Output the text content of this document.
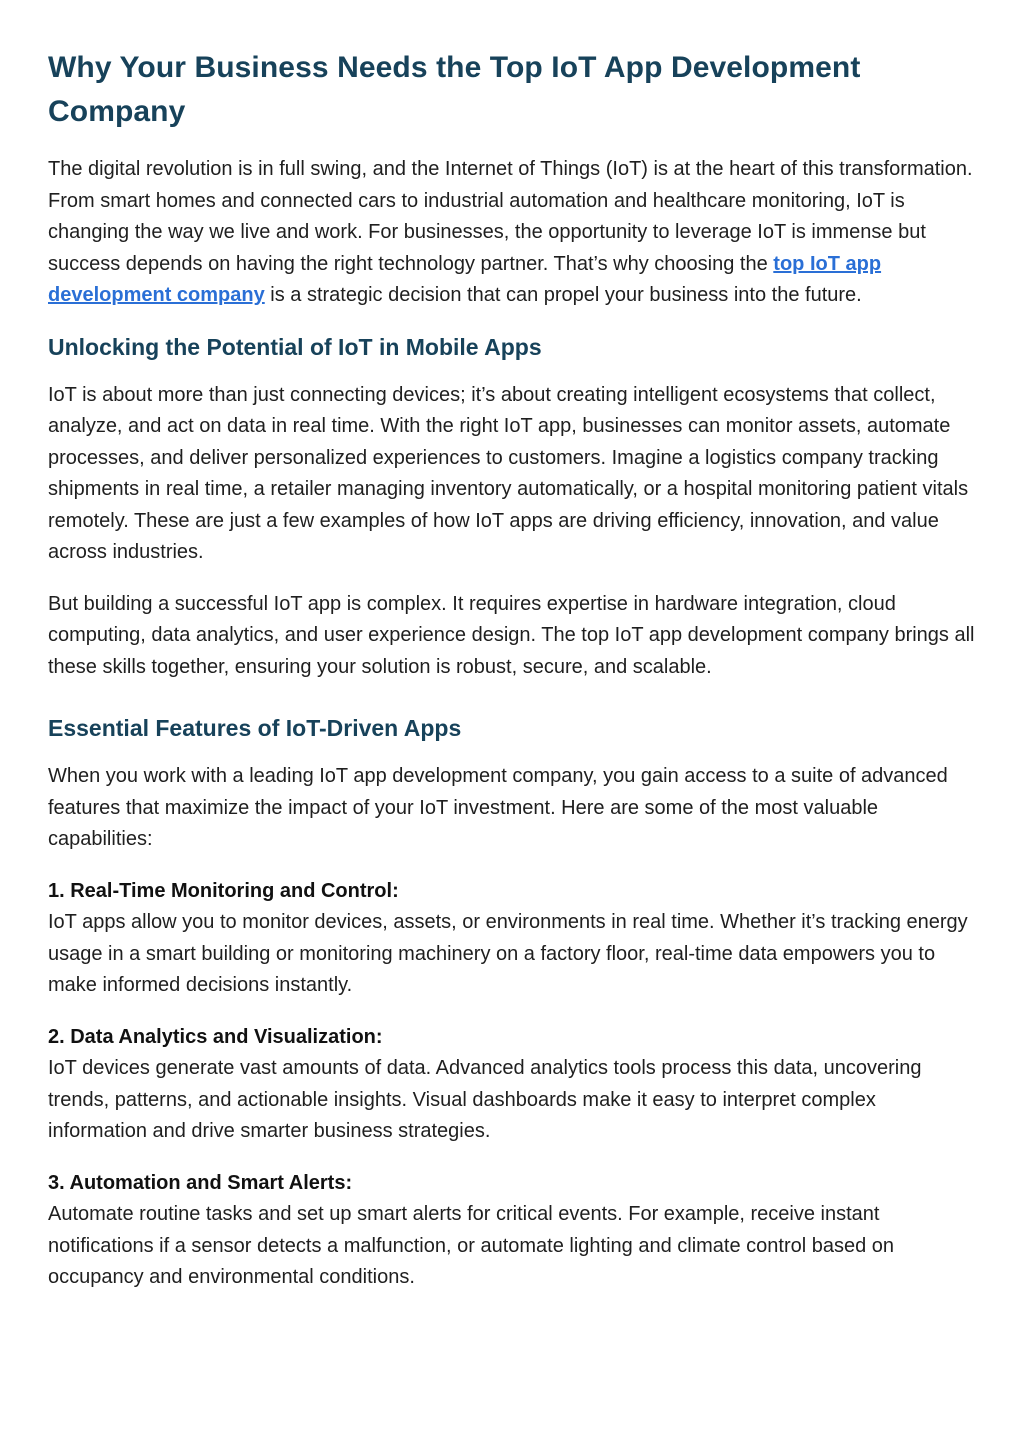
Why Your Business Needs the Top IoT App Development Company

The digital revolution is in full swing, and the Internet of Things (IoT) is at the heart of this transformation. From smart homes and connected cars to industrial automation and healthcare monitoring, IoT is changing the way we live and work. For businesses, the opportunity to leverage IoT is immense but success depends on having the right technology partner. That’s why choosing the top IoT app development company is a strategic decision that can propel your business into the future.

Unlocking the Potential of IoT in Mobile Apps

IoT is about more than just connecting devices; it’s about creating intelligent ecosystems that collect, analyze, and act on data in real time. With the right IoT app, businesses can monitor assets, automate processes, and deliver personalized experiences to customers. Imagine a logistics company tracking shipments in real time, a retailer managing inventory automatically, or a hospital monitoring patient vitals remotely. These are just a few examples of how IoT apps are driving efficiency, innovation, and value across industries.

But building a successful IoT app is complex. It requires expertise in hardware integration, cloud computing, data analytics, and user experience design. The top IoT app development company brings all these skills together, ensuring your solution is robust, secure, and scalable.

Essential Features of IoT-Driven Apps

When you work with a leading IoT app development company, you gain access to a suite of advanced features that maximize the impact of your IoT investment. Here are some of the most valuable capabilities:

1. Real-Time Monitoring and Control:
IoT apps allow you to monitor devices, assets, or environments in real time. Whether it’s tracking energy usage in a smart building or monitoring machinery on a factory floor, real-time data empowers you to make informed decisions instantly.
2. Data Analytics and Visualization:
IoT devices generate vast amounts of data. Advanced analytics tools process this data, uncovering trends, patterns, and actionable insights. Visual dashboards make it easy to interpret complex information and drive smarter business strategies.
3. Automation and Smart Alerts:
Automate routine tasks and set up smart alerts for critical events. For example, receive instant notifications if a sensor detects a malfunction, or automate lighting and climate control based on occupancy and environmental conditions.
